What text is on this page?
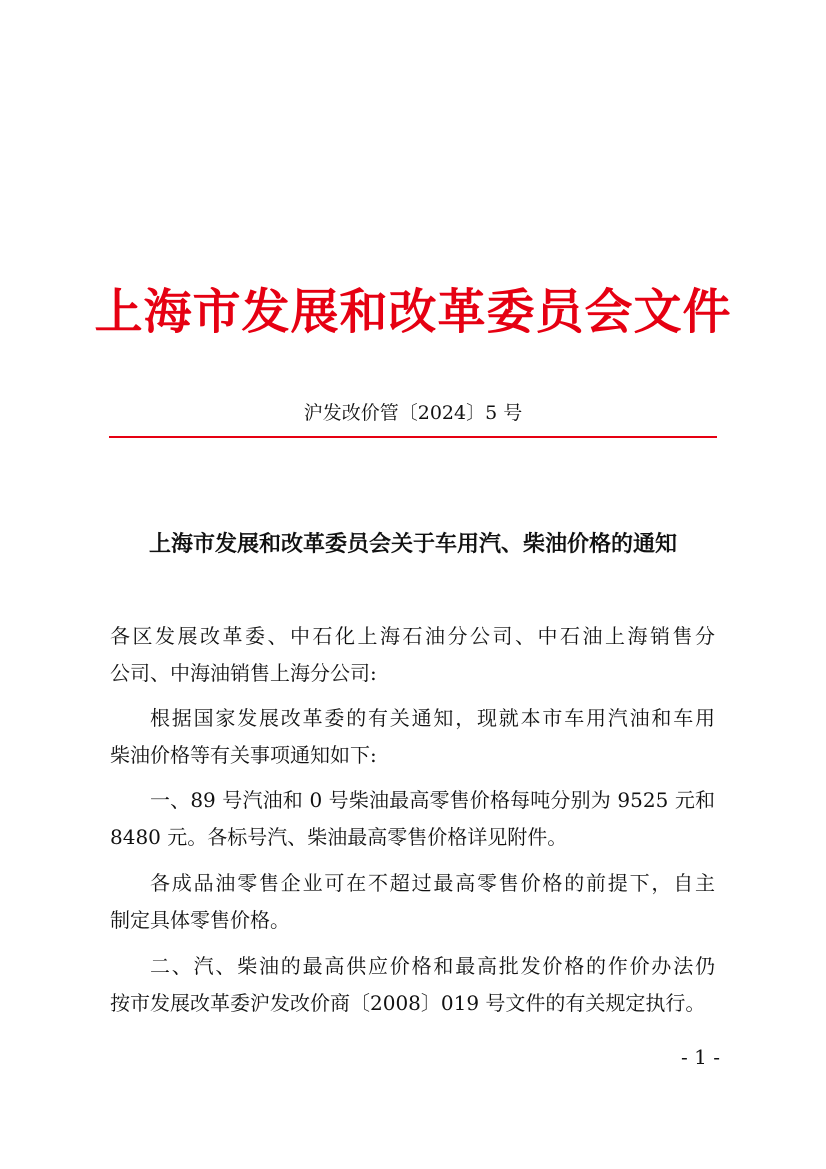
上海市发展和改革委员会文件
沪发改价管〔2024〕5 号
上海市发展和改革委员会关于车用汽、柴油价格的通知
各区发展改革委、中石化上海石油分公司、中石油上海销售分
公司、中海油销售上海分公司:
根据国家发展改革委的有关通知，现就本市车用汽油和车用
柴油价格等有关事项通知如下:
一、89 号汽油和 0 号柴油最高零售价格每吨分别为 9525 元和
8480 元。各标号汽、柴油最高零售价格详见附件。
各成品油零售企业可在不超过最高零售价格的前提下，自主
制定具体零售价格。
二、汽、柴油的最高供应价格和最高批发价格的作价办法仍
按市发展改革委沪发改价商〔2008〕019 号文件的有关规定执行。
- 1 -
